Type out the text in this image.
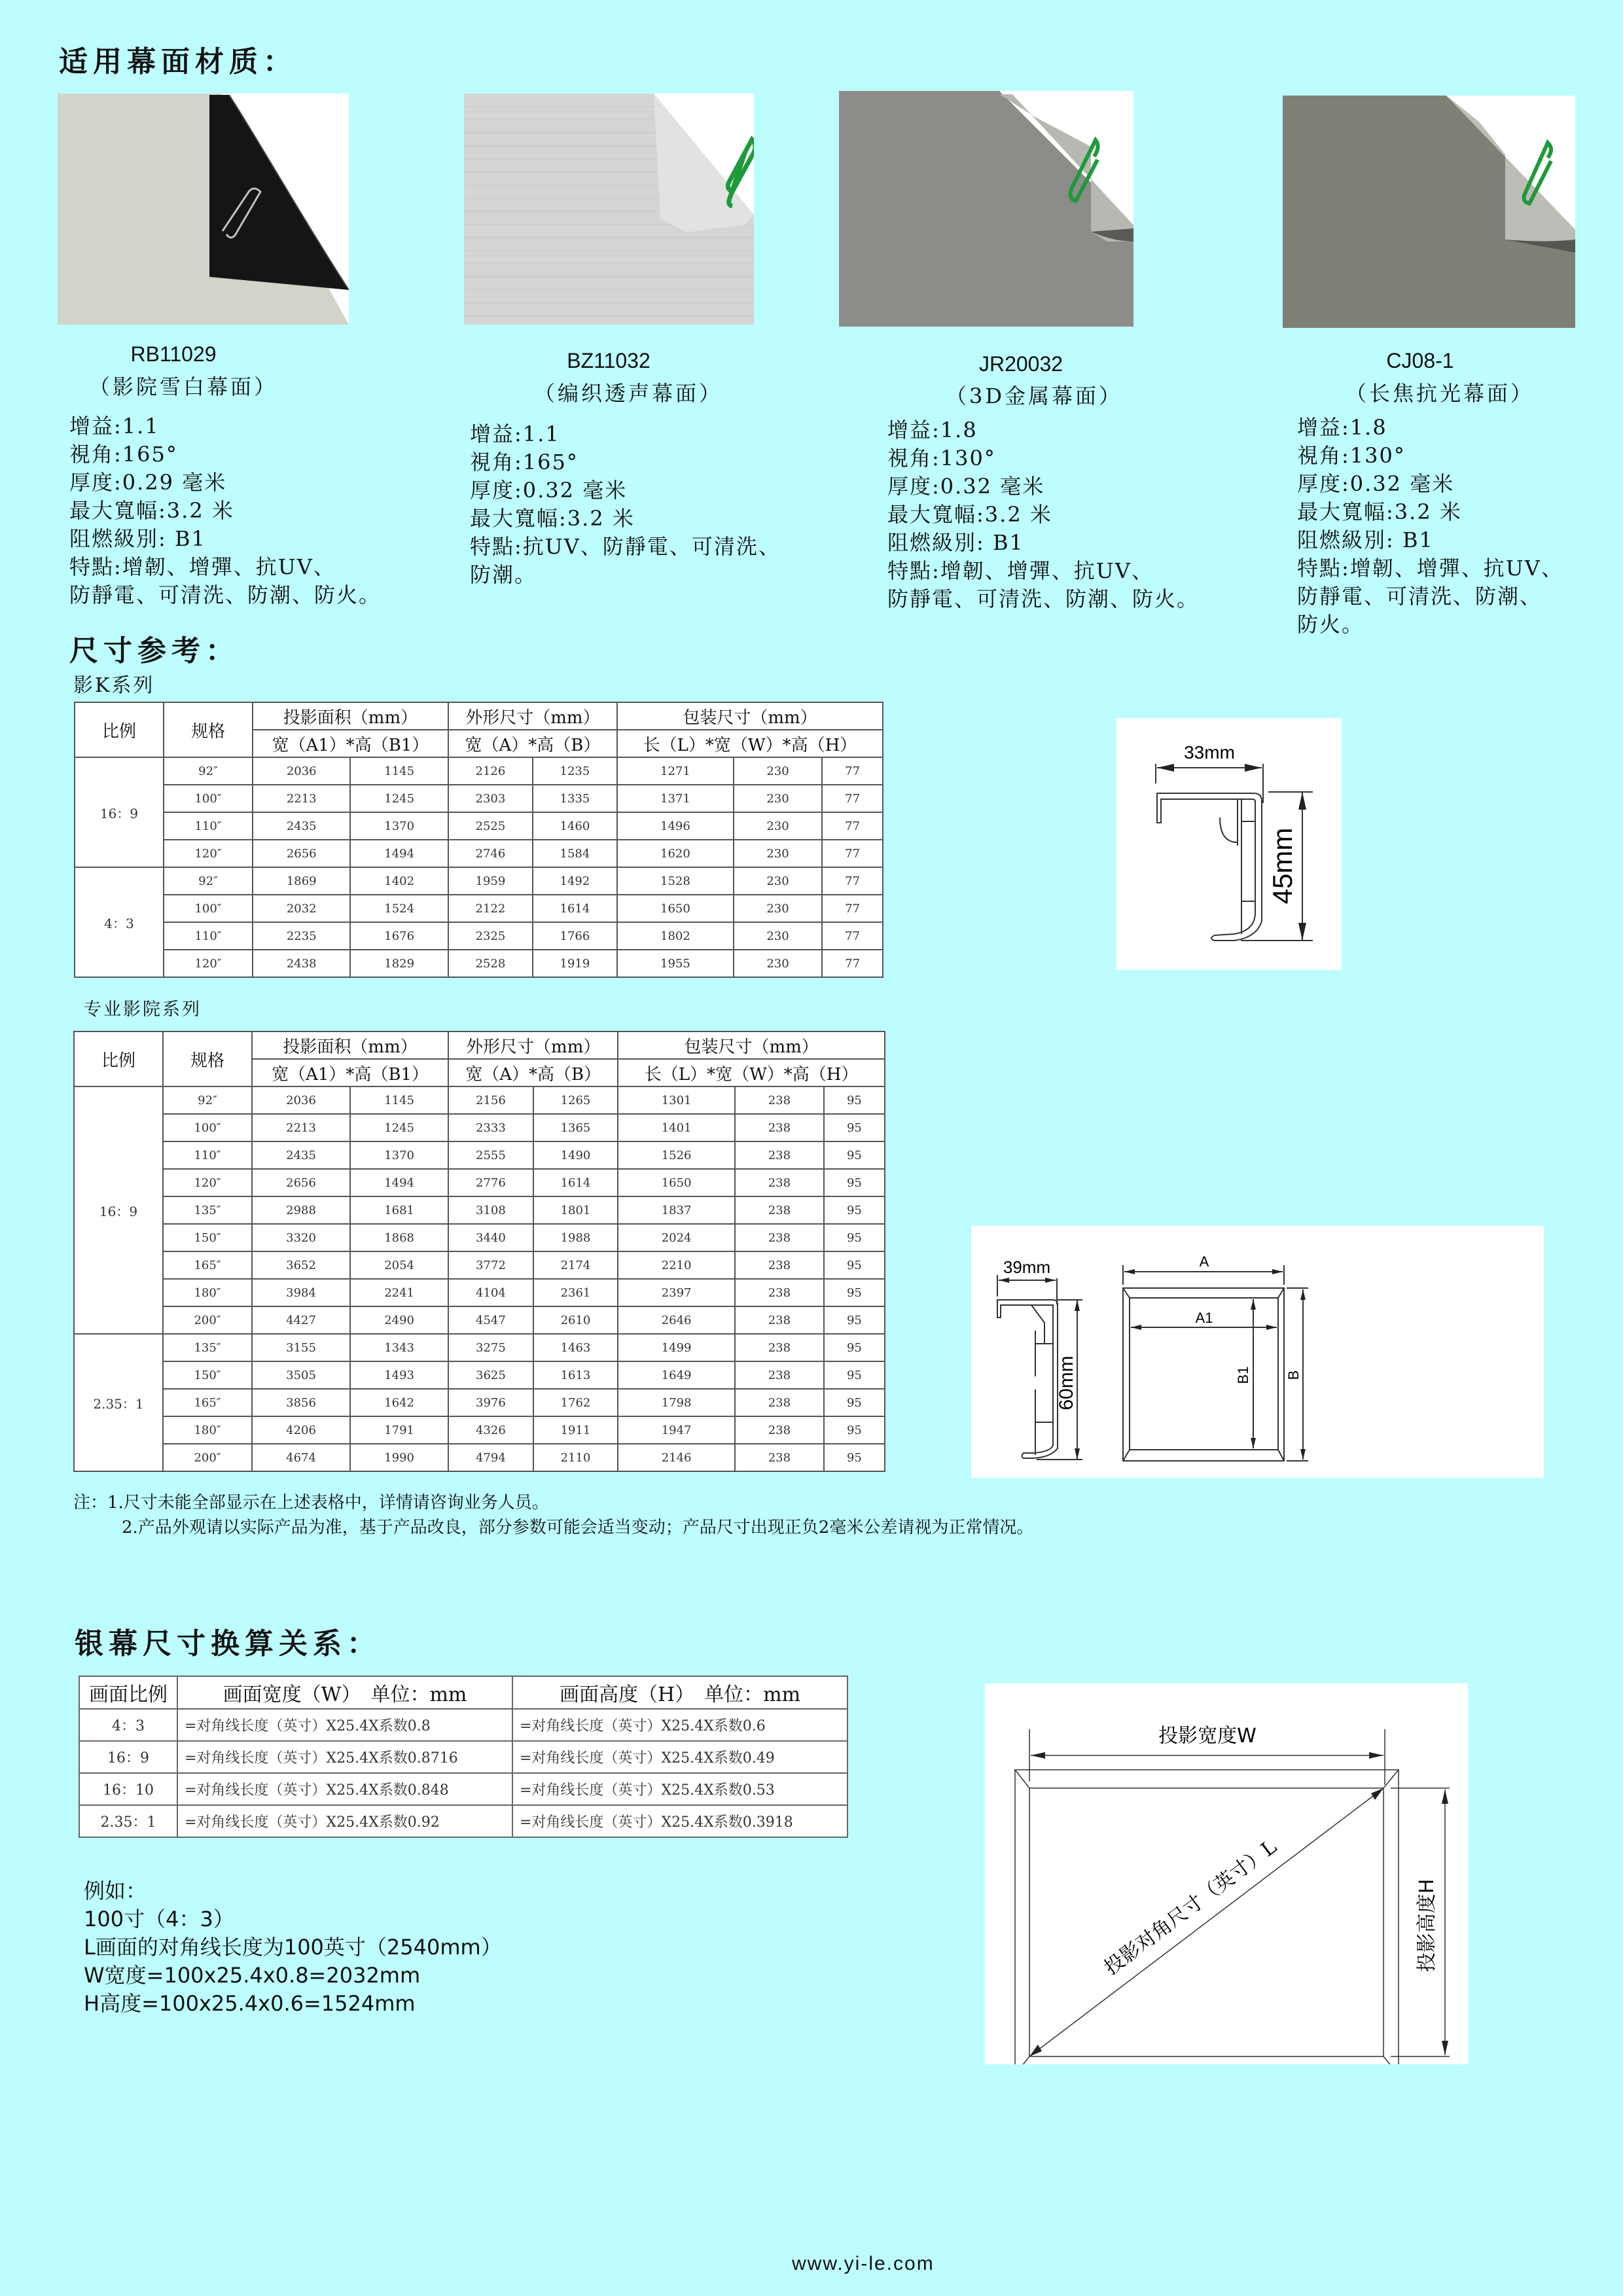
适用幕面材质：
RB11029
（影院雪白幕面）
BZ11032
（编织透声幕面）
JR20032
（3D金属幕面）
CJ08-1
（长焦抗光幕面）
增益:1.1
視角:165°
厚度:0.29 毫米
最大寬幅:3.2 米
阻燃級別: B1
特點:增韌、增彈、抗UV、
防靜電、可清洗、防潮、防火。
增益:1.1
視角:165°
厚度:0.32 毫米
最大寬幅:3.2 米
特點:抗UV、防靜電、可清洗、
防潮。
增益:1.8
視角:130°
厚度:0.32 毫米
最大寬幅:3.2 米
阻燃級別: B1
特點:增韌、增彈、抗UV、
防靜電、可清洗、防潮、防火。
增益:1.8
視角:130°
厚度:0.32 毫米
最大寬幅:3.2 米
阻燃級別: B1
特點:增韌、增彈、抗UV、
防靜電、可清洗、防潮、
防火。
尺寸参考：
影K系列
比例	规格	投影面积（mm）		外形尺寸（mm）		包装尺寸（mm）		
		宽（A1）*高（B1）		宽（A）*高（B）		长（L）*宽（W）*高（H）		
16：9	92″	2036	1145	2126	1235	1271	230	77
	100″	2213	1245	2303	1335	1371	230	77
	110″	2435	1370	2525	1460	1496	230	77
	120″	2656	1494	2746	1584	1620	230	77
4：3	92″	1869	1402	1959	1492	1528	230	77
	100″	2032	1524	2122	1614	1650	230	77
	110″	2235	1676	2325	1766	1802	230	77
	120″	2438	1829	2528	1919	1955	230	77
33mm
45mm
专业影院系列
比例	规格	投影面积（mm）		外形尺寸（mm）		包装尺寸（mm）		
		宽（A1）*高（B1）		宽（A）*高（B）		长（L）*宽（W）*高（H）		
16：9	92″	2036	1145	2156	1265	1301	238	95
	100″	2213	1245	2333	1365	1401	238	95
	110″	2435	1370	2555	1490	1526	238	95
	120″	2656	1494	2776	1614	1650	238	95
	135″	2988	1681	3108	1801	1837	238	95
	150″	3320	1868	3440	1988	2024	238	95
	165″	3652	2054	3772	2174	2210	238	95
	180″	3984	2241	4104	2361	2397	238	95
	200″	4427	2490	4547	2610	2646	238	95
2.35：1	135″	3155	1343	3275	1463	1499	238	95
	150″	3505	1493	3625	1613	1649	238	95
	165″	3856	1642	3976	1762	1798	238	95
	180″	4206	1791	4326	1911	1947	238	95
	200″	4674	1990	4794	2110	2146	238	95
39mm
60mm
A
A1
B1 B
注：1.尺寸未能全部显示在上述表格中，详情请咨询业务人员。
2.产品外观请以实际产品为准，基于产品改良，部分参数可能会适当变动；产品尺寸出现正负2毫米公差请视为正常情况。
银幕尺寸换算关系：
画面比例	画面宽度（W）　单位：mm	画面高度（H）　单位：mm
4：3	=对角线长度（英寸）X25.4X系数0.8	=对角线长度（英寸）X25.4X系数0.6
16：9	=对角线长度（英寸）X25.4X系数0.8716	=对角线长度（英寸）X25.4X系数0.49
16：10	=对角线长度（英寸）X25.4X系数0.848	=对角线长度（英寸）X25.4X系数0.53
2.35：1	=对角线长度（英寸）X25.4X系数0.92	=对角线长度（英寸）X25.4X系数0.3918
例如：
100寸（4：3）
L画面的对角线长度为100英寸（2540mm）
W宽度=100x25.4x0.8=2032mm
H高度=100x25.4x0.6=1524mm
投影宽度W
投影对角尺寸（英寸）L	投影高度H
www.yi-le.com
